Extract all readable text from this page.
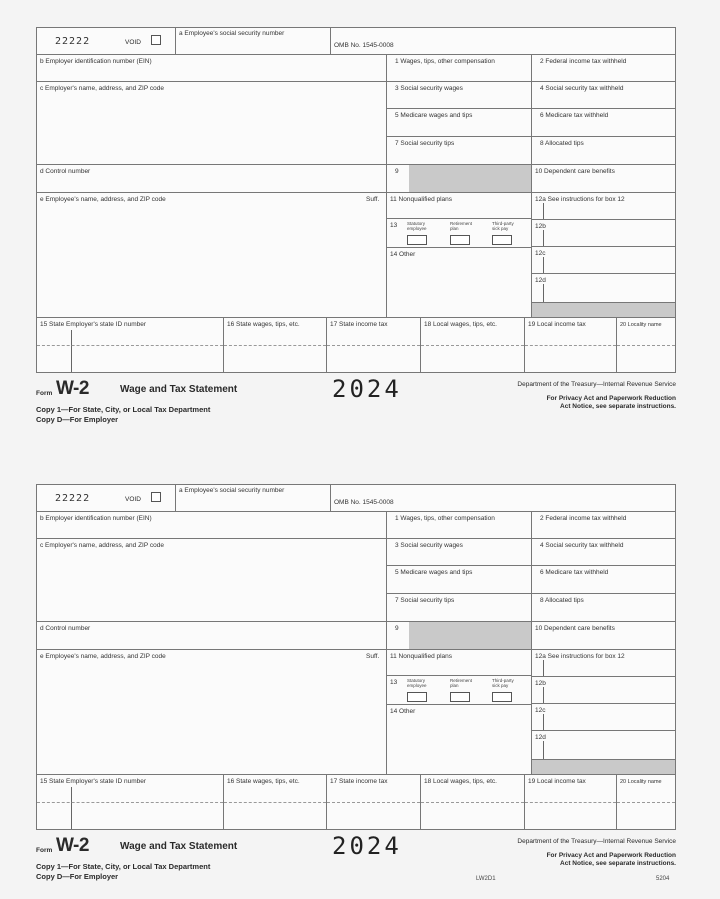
22222	VOID
a Employee's social security number
OMB No. 1545-0008
b Employer identification number (EIN)
c Employer's name, address, and ZIP code
d Control number
e Employee's name, address, and ZIP code	Suff.
1 Wages, tips, other compensation	2 Federal income tax withheld
3 Social security wages	4 Social security tax withheld
5 Medicare wages and tips	6 Medicare tax withheld
7 Social security tips	8 Allocated tips
9	10 Dependent care benefits
11 Nonqualified plans
13 Statutory employee
Retirement plan
Third-party sick pay
14 Other
12a See instructions for box 12
12b
12c
12d
15 State Employer's state ID number	16 State wages, tips, etc.	17 State income tax	18 Local wages, tips, etc.	19 Local income tax	20 Locality name
Form W-2	Wage and Tax Statement	2024
Copy 1—For State, City, or Local Tax Department
Copy D—For Employer
Department of the Treasury—Internal Revenue Service
For Privacy Act and Paperwork Reduction
Act Notice, see separate instructions.
22222	VOID
a Employee's social security number
OMB No. 1545-0008
b Employer identification number (EIN)
c Employer's name, address, and ZIP code
d Control number
e Employee's name, address, and ZIP code	Suff.
1 Wages, tips, other compensation	2 Federal income tax withheld
3 Social security wages	4 Social security tax withheld
5 Medicare wages and tips	6 Medicare tax withheld
7 Social security tips	8 Allocated tips
9	10 Dependent care benefits
11 Nonqualified plans
13 Statutory employee
Retirement plan
Third-party sick pay
14 Other
12a See instructions for box 12
12b
12c
12d
15 State Employer's state ID number	16 State wages, tips, etc.	17 State income tax	18 Local wages, tips, etc.	19 Local income tax	20 Locality name
Form W-2	Wage and Tax Statement	2024
Copy 1—For State, City, or Local Tax Department
Copy D—For Employer
Department of the Treasury—Internal Revenue Service
For Privacy Act and Paperwork Reduction
Act Notice, see separate instructions.
LW2D1	5204
